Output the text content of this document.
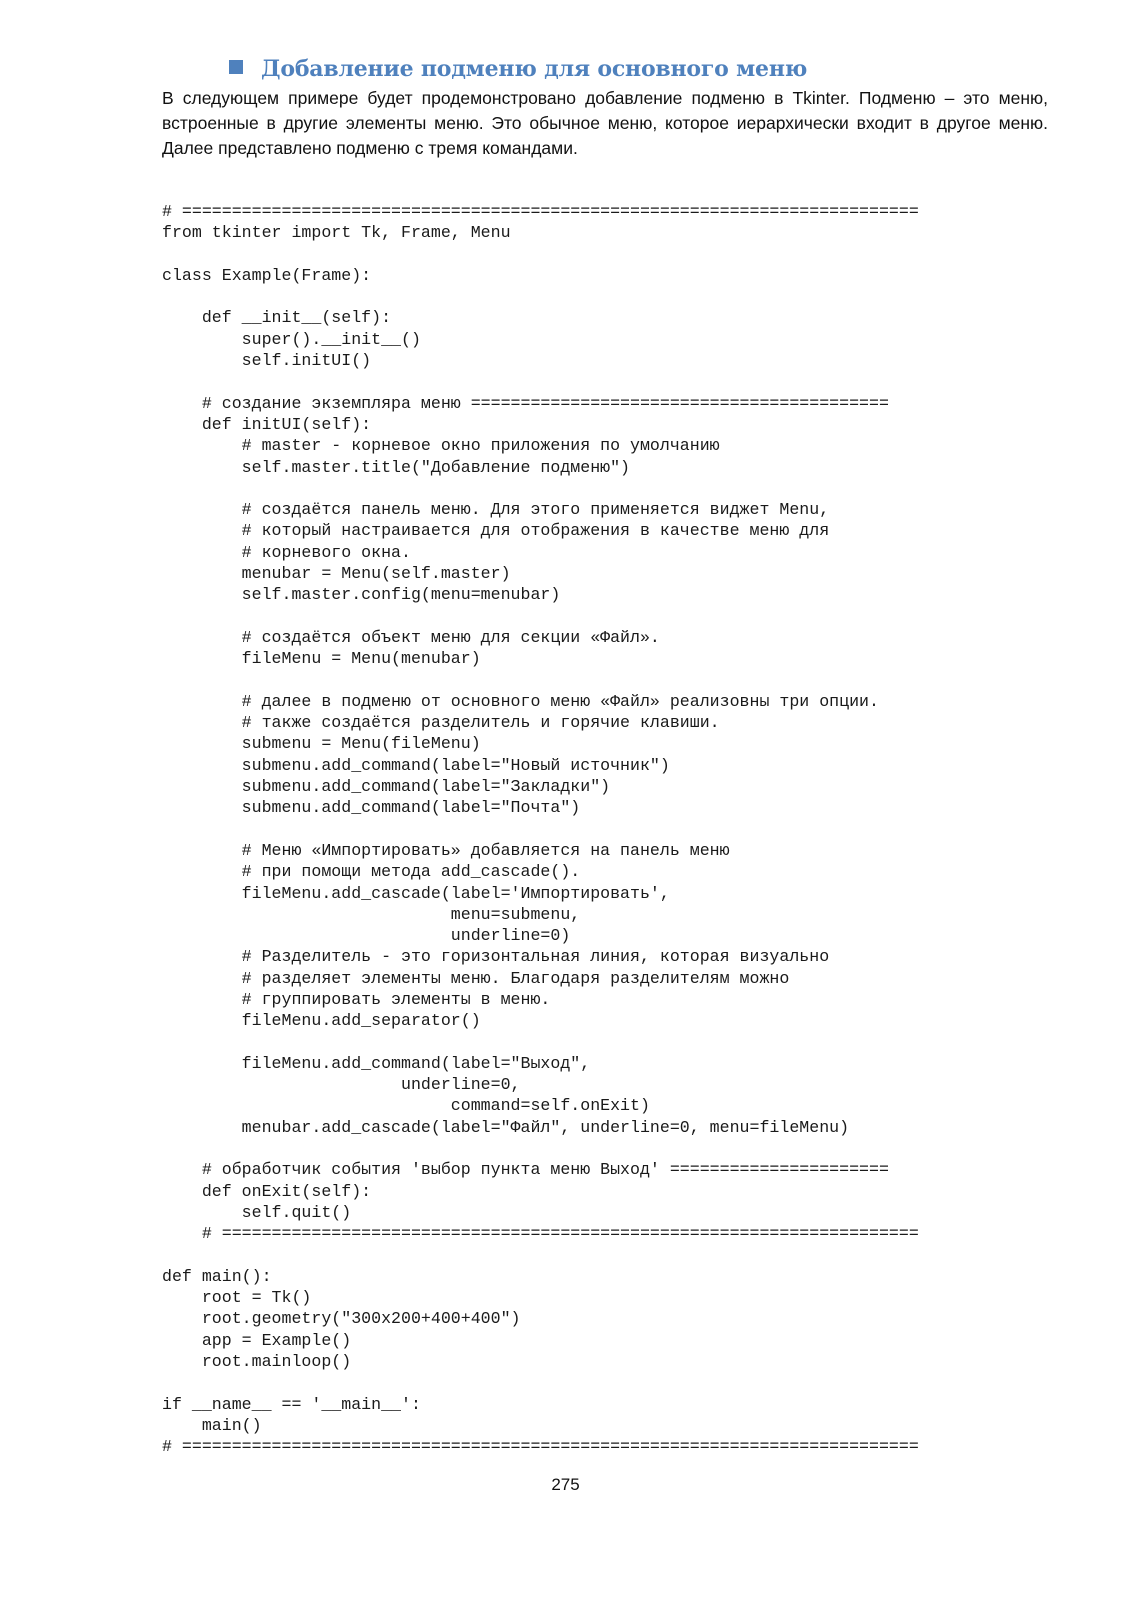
Добавление подменю для основного меню

В следующем примере будет продемонстровано добавление подменю в Tkinter. Подменю – это меню, встроенные в другие элементы меню. Это обычное меню, которое иерархически входит в другое меню. Далее представлено подменю с тремя командами.

# ==========================================================================
from tkinter import Tk, Frame, Menu
class Example(Frame):
def __init__(self):
super().__init__()
self.initUI()
# создание экземпляра меню ==========================================
def initUI(self):
# master - корневое окно приложения по умолчанию
self.master.title("Добавление подменю")
# создаётся панель меню. Для этого применяется виджет Menu,
# который настраивается для отображения в качестве меню для
# корневого окна.
menubar = Menu(self.master)
self.master.config(menu=menubar)
# создаётся объект меню для секции «Файл».
fileMenu = Menu(menubar)
# далее в подменю от основного меню «Файл» реализовны три опции.
# также создаётся разделитель и горячие клавиши.
submenu = Menu(fileMenu)
submenu.add_command(label="Новый источник")
submenu.add_command(label="Закладки")
submenu.add_command(label="Почта")
# Меню «Импортировать» добавляется на панель меню
# при помощи метода add_cascade().
fileMenu.add_cascade(label='Импортировать',
menu=submenu,
underline=0)
# Разделитель - это горизонтальная линия, которая визуально
# разделяет элементы меню. Благодаря разделителям можно
# группировать элементы в меню.
fileMenu.add_separator()
fileMenu.add_command(label="Выход",
underline=0,
command=self.onExit)
menubar.add_cascade(label="Файл", underline=0, menu=fileMenu)
# обработчик события 'выбор пункта меню Выход' ======================
def onExit(self):
self.quit()
# ======================================================================
def main():
root = Tk()
root.geometry("300x200+400+400")
app = Example()
root.mainloop()
if __name__ == '__main__':
main()
# ==========================================================================
275
